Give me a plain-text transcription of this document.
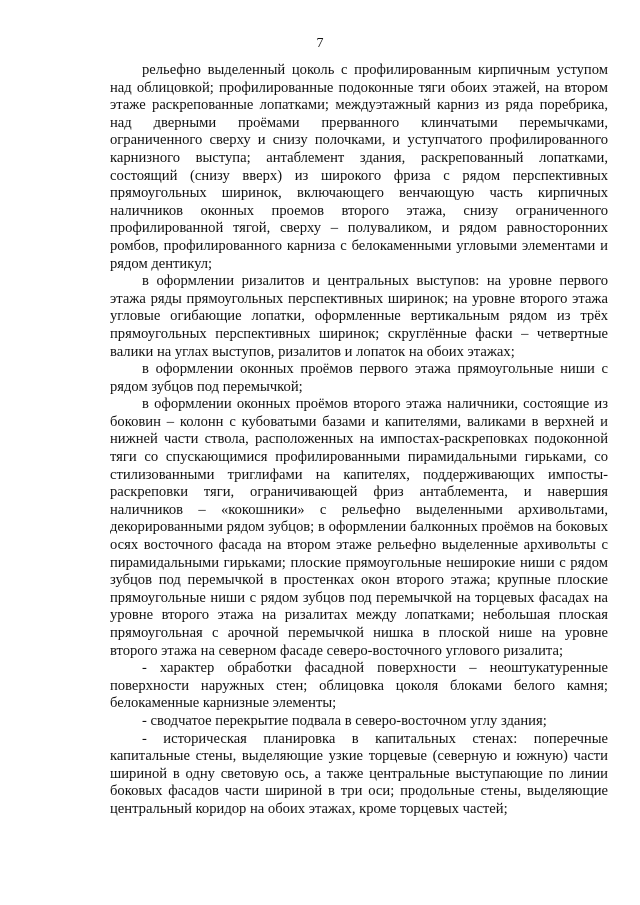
7

рельефно выделенный цоколь с профилированным кирпичным уступом над облицовкой; профилированные подоконные тяги обоих этажей, на втором этаже раскрепованные лопатками; междуэтажный карниз из ряда поребрика, над дверными проёмами прерванного клинчатыми перемычками, ограниченного сверху и снизу полочками, и уступчатого профилированного карнизного выступа; антаблемент здания, раскрепованный лопатками, состоящий (снизу вверх) из широкого фриза с рядом перспективных прямоугольных ширинок, включающего венчающую часть кирпичных наличников оконных проемов второго этажа, снизу ограниченного профилированной тягой, сверху – полуваликом, и рядом равносторонних ромбов, профилированного карниза с белокаменными угловыми элементами и рядом дентикул;

в оформлении ризалитов и центральных выступов: на уровне первого этажа ряды прямоугольных перспективных ширинок; на уровне второго этажа угловые огибающие лопатки, оформленные вертикальным рядом из трёх прямоугольных перспективных ширинок; скруглённые фаски – четвертные валики на углах выступов, ризалитов и лопаток на обоих этажах;

в оформлении оконных проёмов первого этажа прямоугольные ниши с рядом зубцов под перемычкой;

в оформлении оконных проёмов второго этажа наличники, состоящие из боковин – колонн с кубоватыми базами и капителями, валиками в верхней и нижней части ствола, расположенных на импостах-раскреповках подоконной тяги со спускающимися профилированными пирамидальными гирьками, со стилизованными триглифами на капителях, поддерживающих импосты-раскреповки тяги, ограничивающей фриз антаблемента, и навершия наличников – «кокошники» с рельефно выделенными архивольтами, декорированными рядом зубцов; в оформлении балконных проёмов на боковых осях восточного фасада на втором этаже рельефно выделенные архивольты с пирамидальными гирьками; плоские прямоугольные неширокие ниши с рядом зубцов под перемычкой в простенках окон второго этажа; крупные плоские прямоугольные ниши с рядом зубцов под перемычкой на торцевых фасадах на уровне второго этажа на ризалитах между лопатками; небольшая плоская прямоугольная с арочной перемычкой нишка в плоской нише на уровне второго этажа на северном фасаде северо-восточного углового ризалита;

- характер обработки фасадной поверхности – неоштукатуренные поверхности наружных стен; облицовка цоколя блоками белого камня; белокаменные карнизные элементы;

- сводчатое перекрытие подвала в северо-восточном углу здания;

- историческая планировка в капитальных стенах: поперечные капитальные стены, выделяющие узкие торцевые (северную и южную) части шириной в одну световую ось, а также центральные выступающие по линии боковых фасадов части шириной в три оси; продольные стены, выделяющие центральный коридор на обоих этажах, кроме торцевых частей;
